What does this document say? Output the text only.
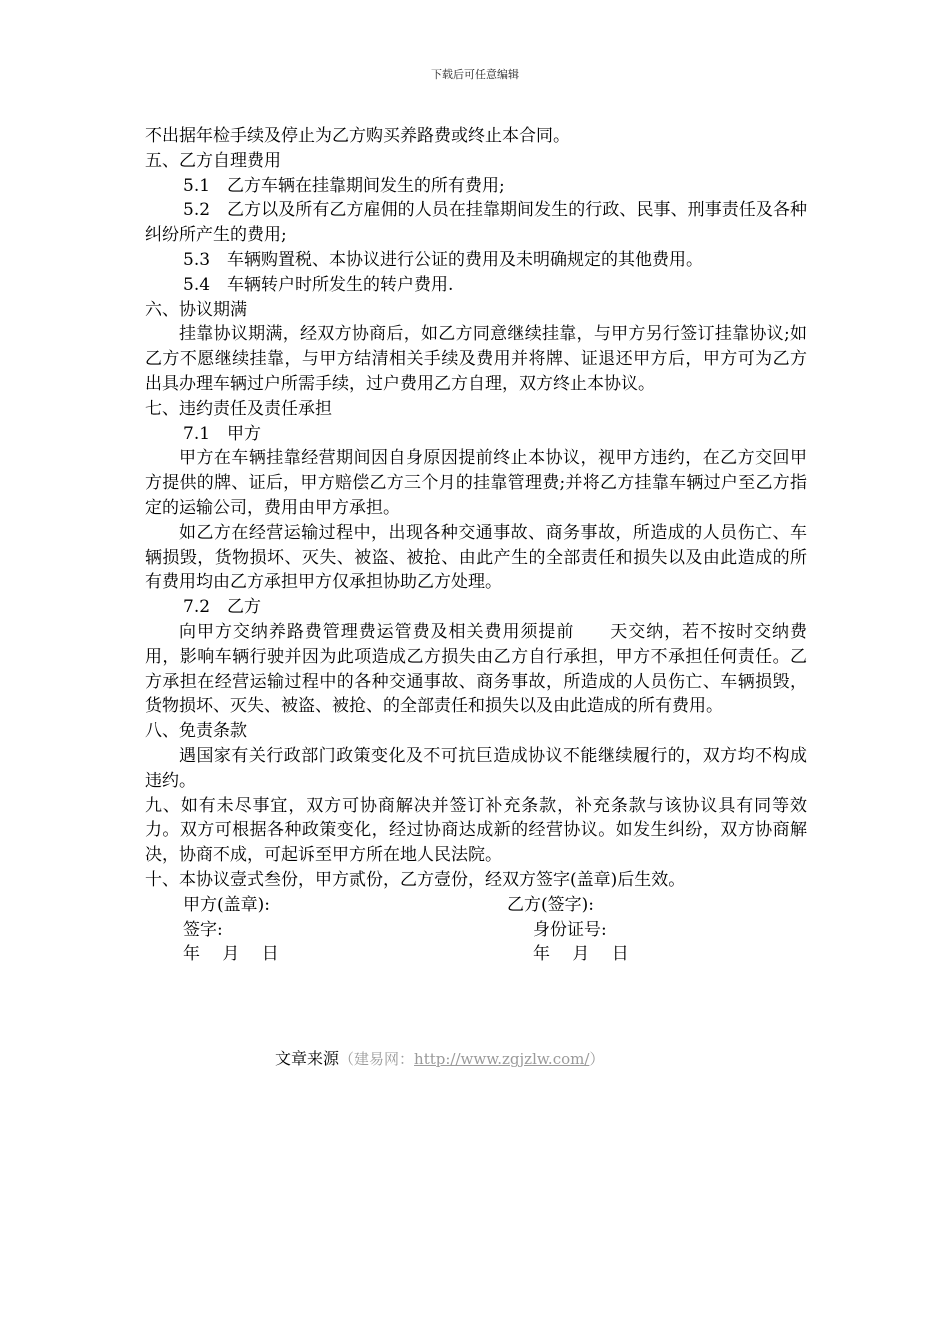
下载后可任意编辑

不出据年检手续及停止为乙方购买养路费或终止本合同。

五、乙方自理费用

5.1 乙方车辆在挂靠期间发生的所有费用;

5.2 乙方以及所有乙方雇佣的人员在挂靠期间发生的行政、民事、刑事责任及各种纠纷所产生的费用;

5.3 车辆购置税、本协议进行公证的费用及未明确规定的其他费用。

5.4 车辆转户时所发生的转户费用.

六、协议期满

挂靠协议期满，经双方协商后，如乙方同意继续挂靠，与甲方另行签订挂靠协议;如乙方不愿继续挂靠，与甲方结清相关手续及费用并将牌、证退还甲方后，甲方可为乙方出具办理车辆过户所需手续，过户费用乙方自理，双方终止本协议。

七、违约责任及责任承担

7.1 甲方

甲方在车辆挂靠经营期间因自身原因提前终止本协议，视甲方违约，在乙方交回甲方提供的牌、证后，甲方赔偿乙方三个月的挂靠管理费;并将乙方挂靠车辆过户至乙方指定的运输公司，费用由甲方承担。

如乙方在经营运输过程中，出现各种交通事故、商务事故，所造成的人员伤亡、车辆损毁，货物损坏、灭失、被盗、被抢、由此产生的全部责任和损失以及由此造成的所有费用均由乙方承担甲方仅承担协助乙方处理。

7.2 乙方

向甲方交纳养路费管理费运管费及相关费用须提前　　天交纳，若不按时交纳费用，影响车辆行驶并因为此项造成乙方损失由乙方自行承担，甲方不承担任何责任。乙方承担在经营运输过程中的各种交通事故、商务事故，所造成的人员伤亡、车辆损毁，货物损坏、灭失、被盗、被抢、的全部责任和损失以及由此造成的所有费用。

八、免责条款

遇国家有关行政部门政策变化及不可抗巨造成协议不能继续履行的，双方均不构成违约。

九、如有未尽事宜，双方可协商解决并签订补充条款，补充条款与该协议具有同等效力。双方可根据各种政策变化，经过协商达成新的经营协议。如发生纠纷，双方协商解决，协商不成，可起诉至甲方所在地人民法院。

十、本协议壹式叁份，甲方贰份，乙方壹份，经双方签字(盖章)后生效。

甲方(盖章):	乙方(签字):
签字:	身份证号:
年　 月　 日	年　 月　 日
文章来源（建易网：http://www.zgjzlw.com/）
